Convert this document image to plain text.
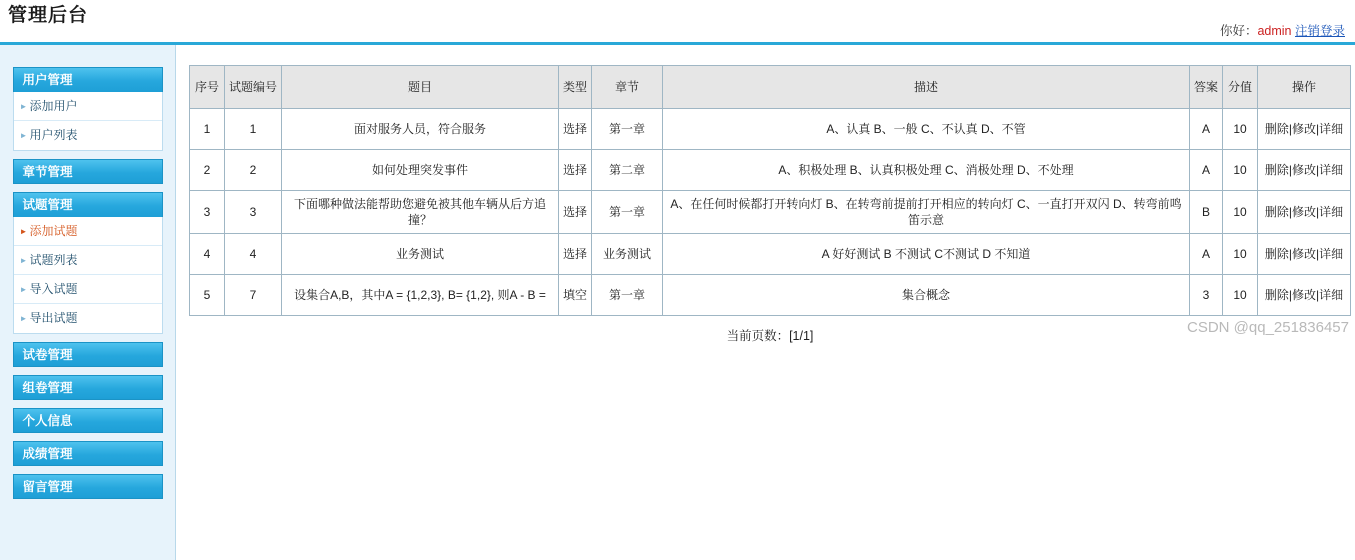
管理后台
你好：admin 注销登录
用户管理
► 添加用户
► 用户列表
章节管理
试题管理
► 添加试题
► 试题列表
► 导入试题
► 导出试题
试卷管理
组卷管理
个人信息
成绩管理
留言管理
序号	试题编号	题目	类型	章节	描述	答案	分值	操作
1	1	面对服务人员，符合服务	选择	第一章	A、认真 B、一般 C、不认真 D、不管	A	10	删除|修改|详细
2	2	如何处理突发事件	选择	第二章	A、积极处理 B、认真积极处理 C、消极处理 D、不处理	A	10	删除|修改|详细
3	3	下面哪种做法能帮助您避免被其他车辆从后方追撞？	选择	第一章	A、在任何时候都打开转向灯 B、在转弯前提前打开相应的转向灯 C、一直打开双闪 D、转弯前鸣笛示意	B	10	删除|修改|详细
4	4	业务测试	选择	业务测试	A 好好测试 B 不测试 C不测试 D 不知道	A	10	删除|修改|详细
5	7	设集合A,B，其中A = {1,2,3}, B= {1,2}, 则A - B =	填空	第一章	集合概念	3	10	删除|修改|详细
当前页数：[1/1]	CSDN @qq_251836457
